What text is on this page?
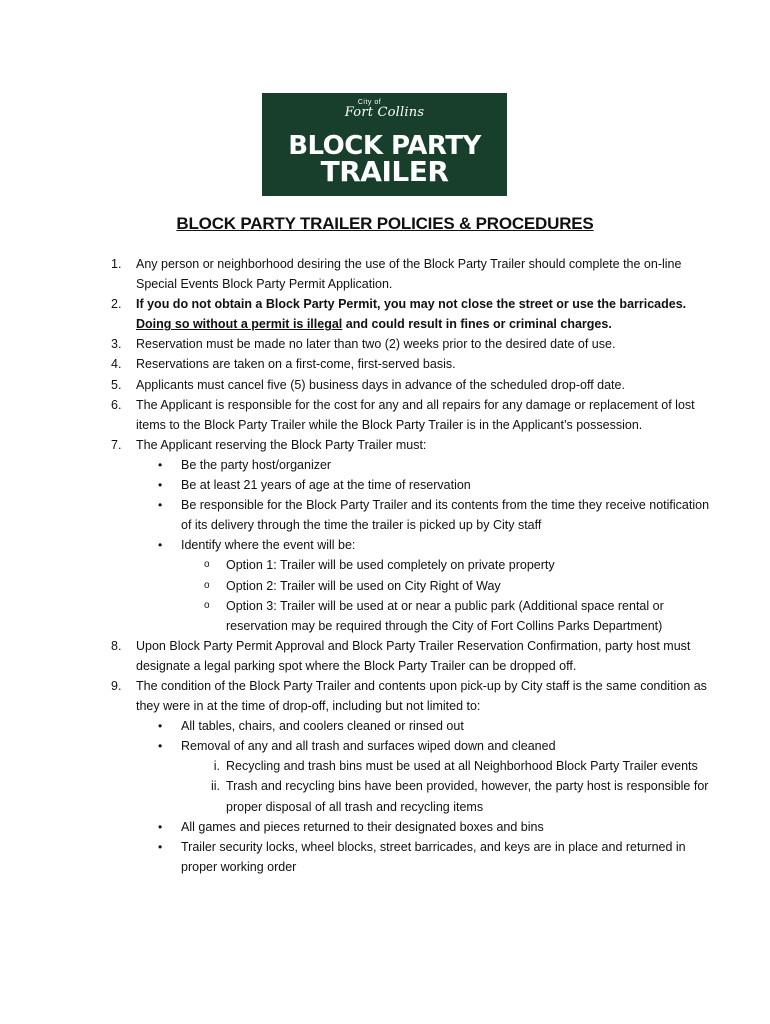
City of
Fort Collins
BLOCK PARTY
TRAILER
BLOCK PARTY TRAILER POLICIES & PROCEDURES
1.	Any person or neighborhood desiring the use of the Block Party Trailer should complete the on-line Special Events Block Party Permit Application.
2.	If you do not obtain a Block Party Permit, you may not close the street or use the barricades. Doing so without a permit is illegal and could result in fines or criminal charges.
3.	Reservation must be made no later than two (2) weeks prior to the desired date of use.
4.	Reservations are taken on a first-come, first-served basis.
5.	Applicants must cancel five (5) business days in advance of the scheduled drop-off date.
6.	The Applicant is responsible for the cost for any and all repairs for any damage or replacement of lost items to the Block Party Trailer while the Block Party Trailer is in the Applicant’s possession.
7.	The Applicant reserving the Block Party Trailer must:
• Be the party host/organizer
• Be at least 21 years of age at the time of reservation
• Be responsible for the Block Party Trailer and its contents from the time they receive notification of its delivery through the time the trailer is picked up by City staff
• Identify where the event will be:
o Option 1: Trailer will be used completely on private property
o Option 2: Trailer will be used on City Right of Way
o Option 3: Trailer will be used at or near a public park (Additional space rental or reservation may be required through the City of Fort Collins Parks Department)
8.	Upon Block Party Permit Approval and Block Party Trailer Reservation Confirmation, party host must designate a legal parking spot where the Block Party Trailer can be dropped off.
9.	The condition of the Block Party Trailer and contents upon pick-up by City staff is the same condition as they were in at the time of drop-off, including but not limited to:
• All tables, chairs, and coolers cleaned or rinsed out
• Removal of any and all trash and surfaces wiped down and cleaned
i. Recycling and trash bins must be used at all Neighborhood Block Party Trailer events
ii. Trash and recycling bins have been provided, however, the party host is responsible for proper disposal of all trash and recycling items
• All games and pieces returned to their designated boxes and bins
• Trailer security locks, wheel blocks, street barricades, and keys are in place and returned in proper working order
